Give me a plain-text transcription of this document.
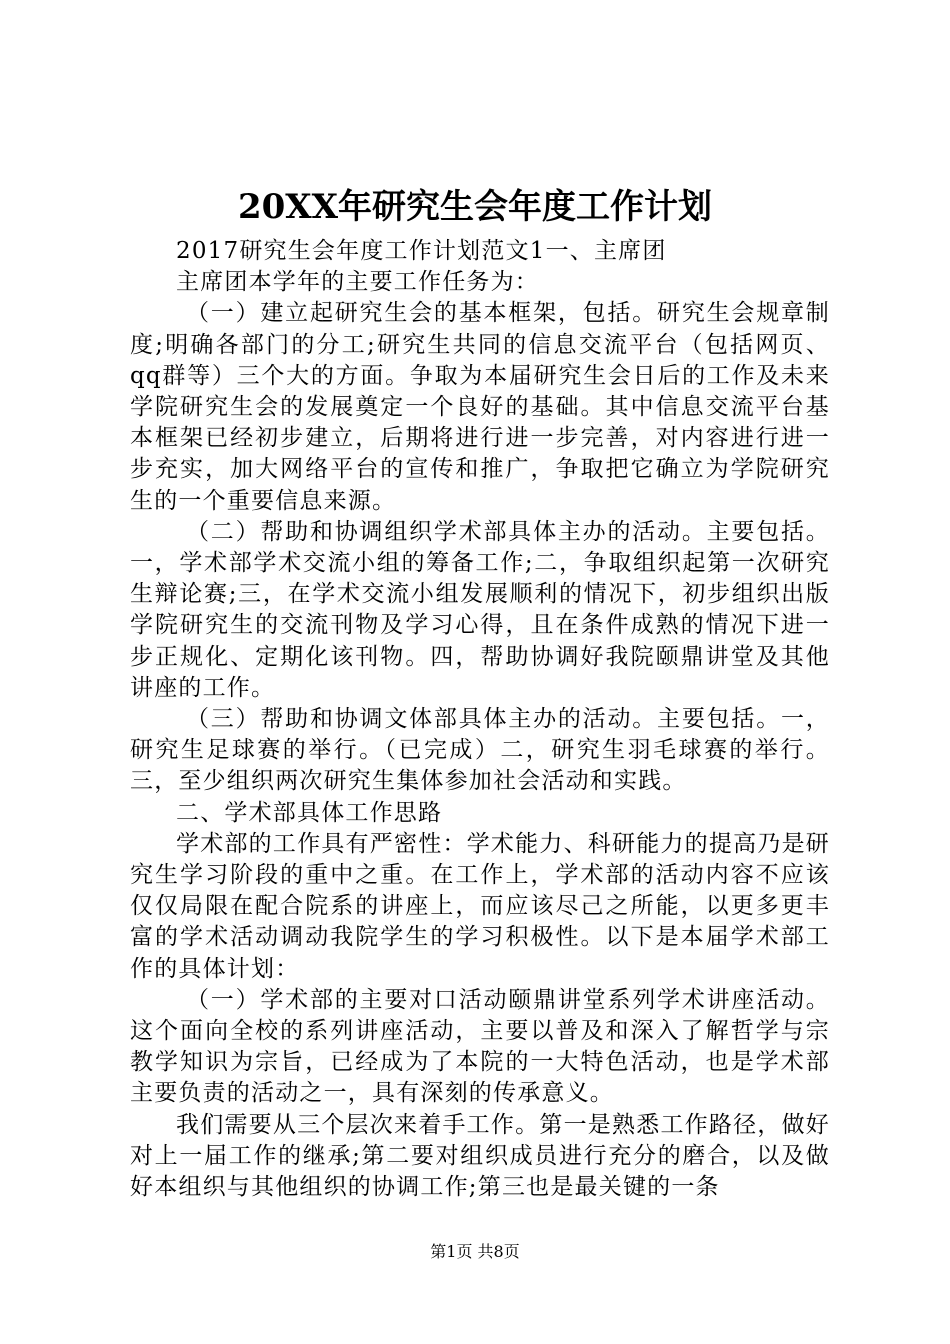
20XX年研究生会年度工作计划

2017研究生会年度工作计划范文1一、主席团

主席团本学年的主要工作任务为：

（一）建立起研究生会的基本框架，包括。研究生会规章制度;明确各部门的分工;研究生共同的信息交流平台（包括网页、qq群等）三个大的方面。争取为本届研究生会日后的工作及未来学院研究生会的发展奠定一个良好的基础。其中信息交流平台基本框架已经初步建立，后期将进行进一步完善，对内容进行进一步充实，加大网络平台的宣传和推广，争取把它确立为学院研究生的一个重要信息来源。

（二）帮助和协调组织学术部具体主办的活动。主要包括。一，学术部学术交流小组的筹备工作;二，争取组织起第一次研究生辩论赛;三，在学术交流小组发展顺利的情况下，初步组织出版学院研究生的交流刊物及学习心得，且在条件成熟的情况下进一步正规化、定期化该刊物。四，帮助协调好我院颐鼎讲堂及其他讲座的工作。

（三）帮助和协调文体部具体主办的活动。主要包括。一，研究生足球赛的举行。（已完成）二，研究生羽毛球赛的举行。三，至少组织两次研究生集体参加社会活动和实践。

二、学术部具体工作思路

学术部的工作具有严密性：学术能力、科研能力的提高乃是研究生学习阶段的重中之重。在工作上，学术部的活动内容不应该仅仅局限在配合院系的讲座上，而应该尽己之所能，以更多更丰富的学术活动调动我院学生的学习积极性。以下是本届学术部工作的具体计划：

（一）学术部的主要对口活动颐鼎讲堂系列学术讲座活动。这个面向全校的系列讲座活动，主要以普及和深入了解哲学与宗教学知识为宗旨，已经成为了本院的一大特色活动，也是学术部主要负责的活动之一，具有深刻的传承意义。

我们需要从三个层次来着手工作。第一是熟悉工作路径，做好对上一届工作的继承;第二要对组织成员进行充分的磨合，以及做好本组织与其他组织的协调工作;第三也是最关键的一条

第1页 共8页
